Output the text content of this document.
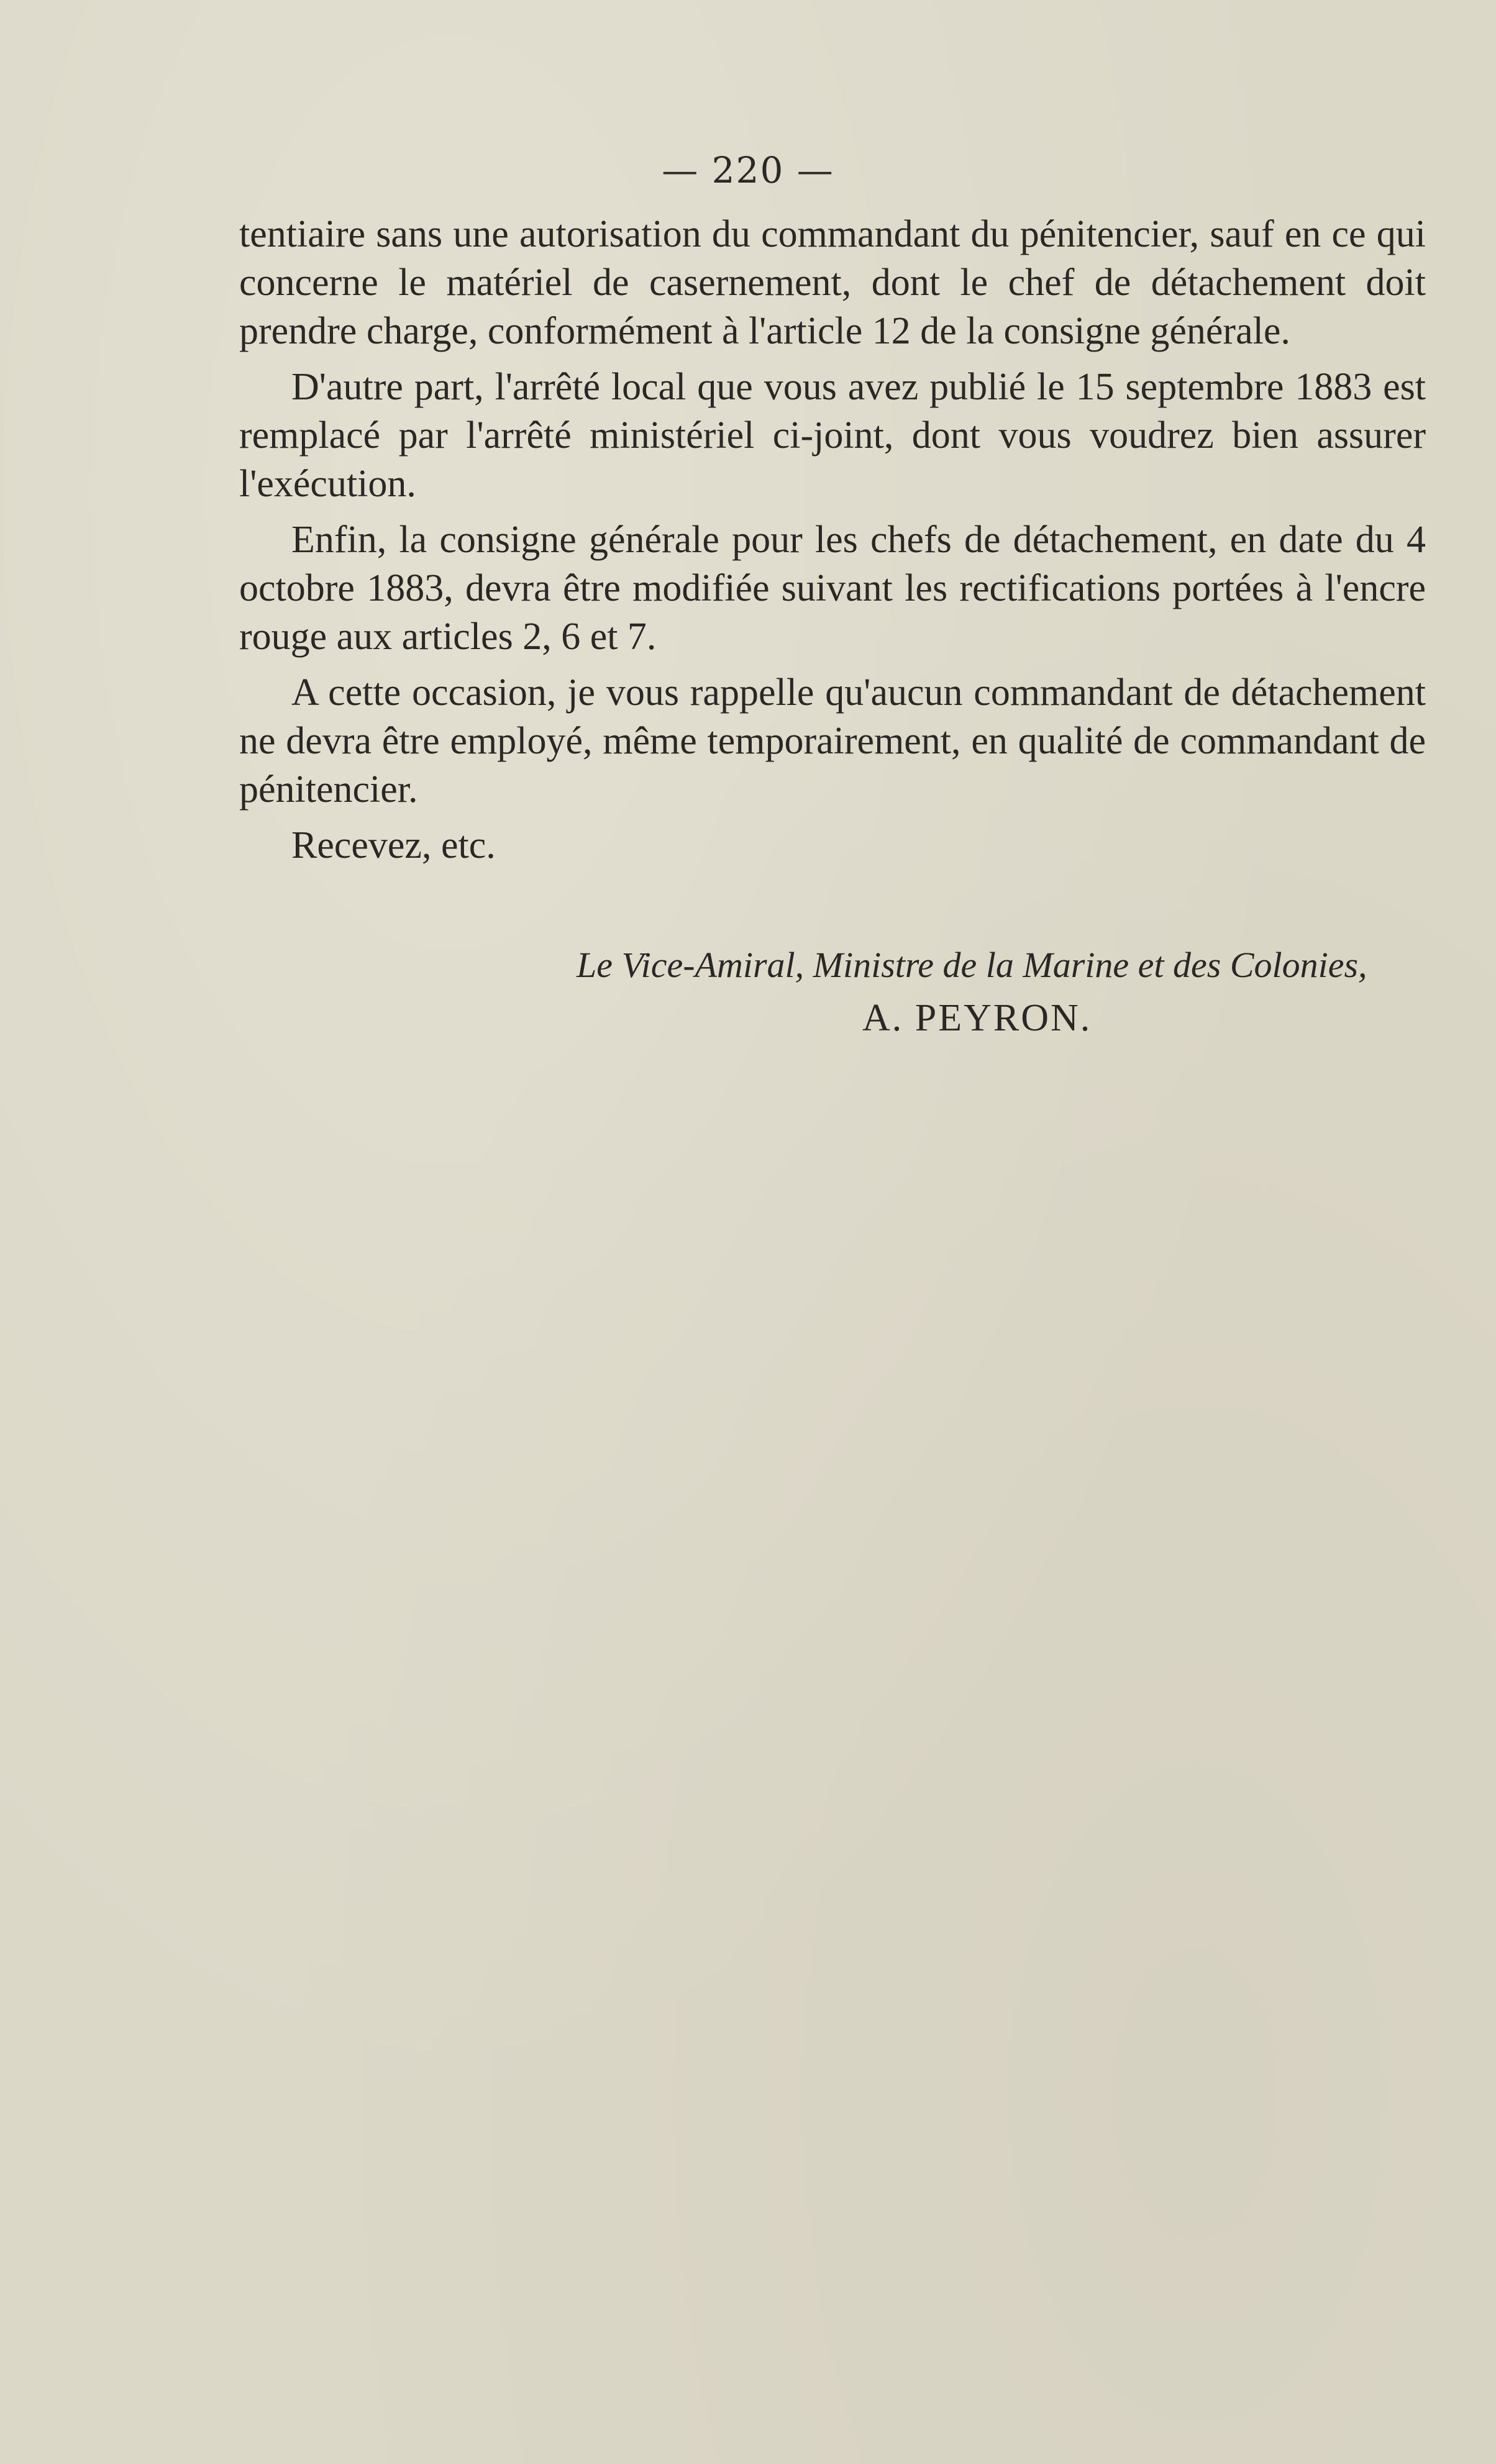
— 220 —

tentiaire sans une autorisation du commandant du pénitencier, sauf en ce qui concerne le matériel de casernement, dont le chef de détachement doit prendre charge, conformément à l'article 12 de la consigne générale.

D'autre part, l'arrêté local que vous avez publié le 15 septembre 1883 est remplacé par l'arrêté ministériel ci-joint, dont vous voudrez bien assurer l'exécution.

Enfin, la consigne générale pour les chefs de détachement, en date du 4 octobre 1883, devra être modifiée suivant les rectifications portées à l'encre rouge aux articles 2, 6 et 7.

A cette occasion, je vous rappelle qu'aucun commandant de détachement ne devra être employé, même temporairement, en qualité de commandant de pénitencier.

Recevez, etc.

Le Vice-Amiral, Ministre de la Marine et des Colonies,
A. PEYRON.
